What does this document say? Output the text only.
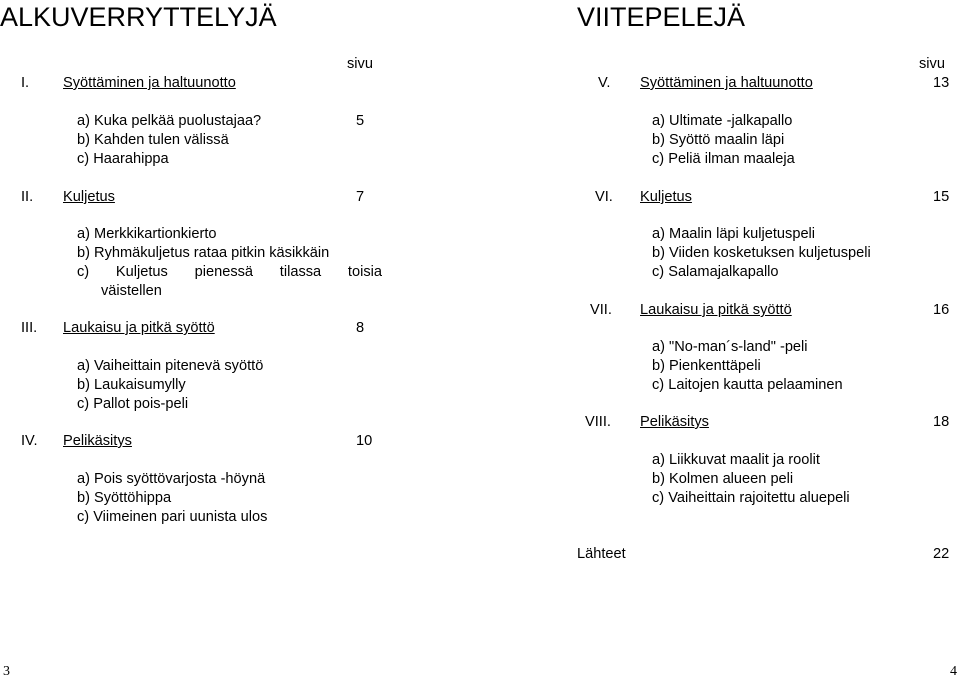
ALKUVERRYTTELYJÄ
sivu
I. Syöttäminen ja haltuunotto
a) Kuka pelkää puolustajaa?	5
b) Kahden tulen välissä
c) Haarahippa
II. Kuljetus	7
a) Merkkikartionkierto
b) Ryhmäkuljetus rataa pitkin käsikkäin
c) Kuljetus pienessä tilassa toisia
väistellen
III. Laukaisu ja pitkä syöttö	8
a) Vaiheittain pitenevä syöttö
b) Laukaisumylly
c) Pallot pois-peli
IV. Pelikäsitys	10
a) Pois syöttövarjosta -höynä
b) Syöttöhippa
c) Viimeinen pari uunista ulos
3
VIITEPELEJÄ
sivu
V. Syöttäminen ja haltuunotto	13
a) Ultimate -jalkapallo
b) Syöttö maalin läpi
c) Peliä ilman maaleja
VI. Kuljetus	15
a) Maalin läpi kuljetuspeli
b) Viiden kosketuksen kuljetuspeli
c) Salamajalkapallo
VII. Laukaisu ja pitkä syöttö	16
a) "No-man´s-land" -peli
b) Pienkenttäpeli
c) Laitojen kautta pelaaminen
VIII. Pelikäsitys	18
a) Liikkuvat maalit ja roolit
b) Kolmen alueen peli
c) Vaiheittain rajoitettu aluepeli
Lähteet	22
4
